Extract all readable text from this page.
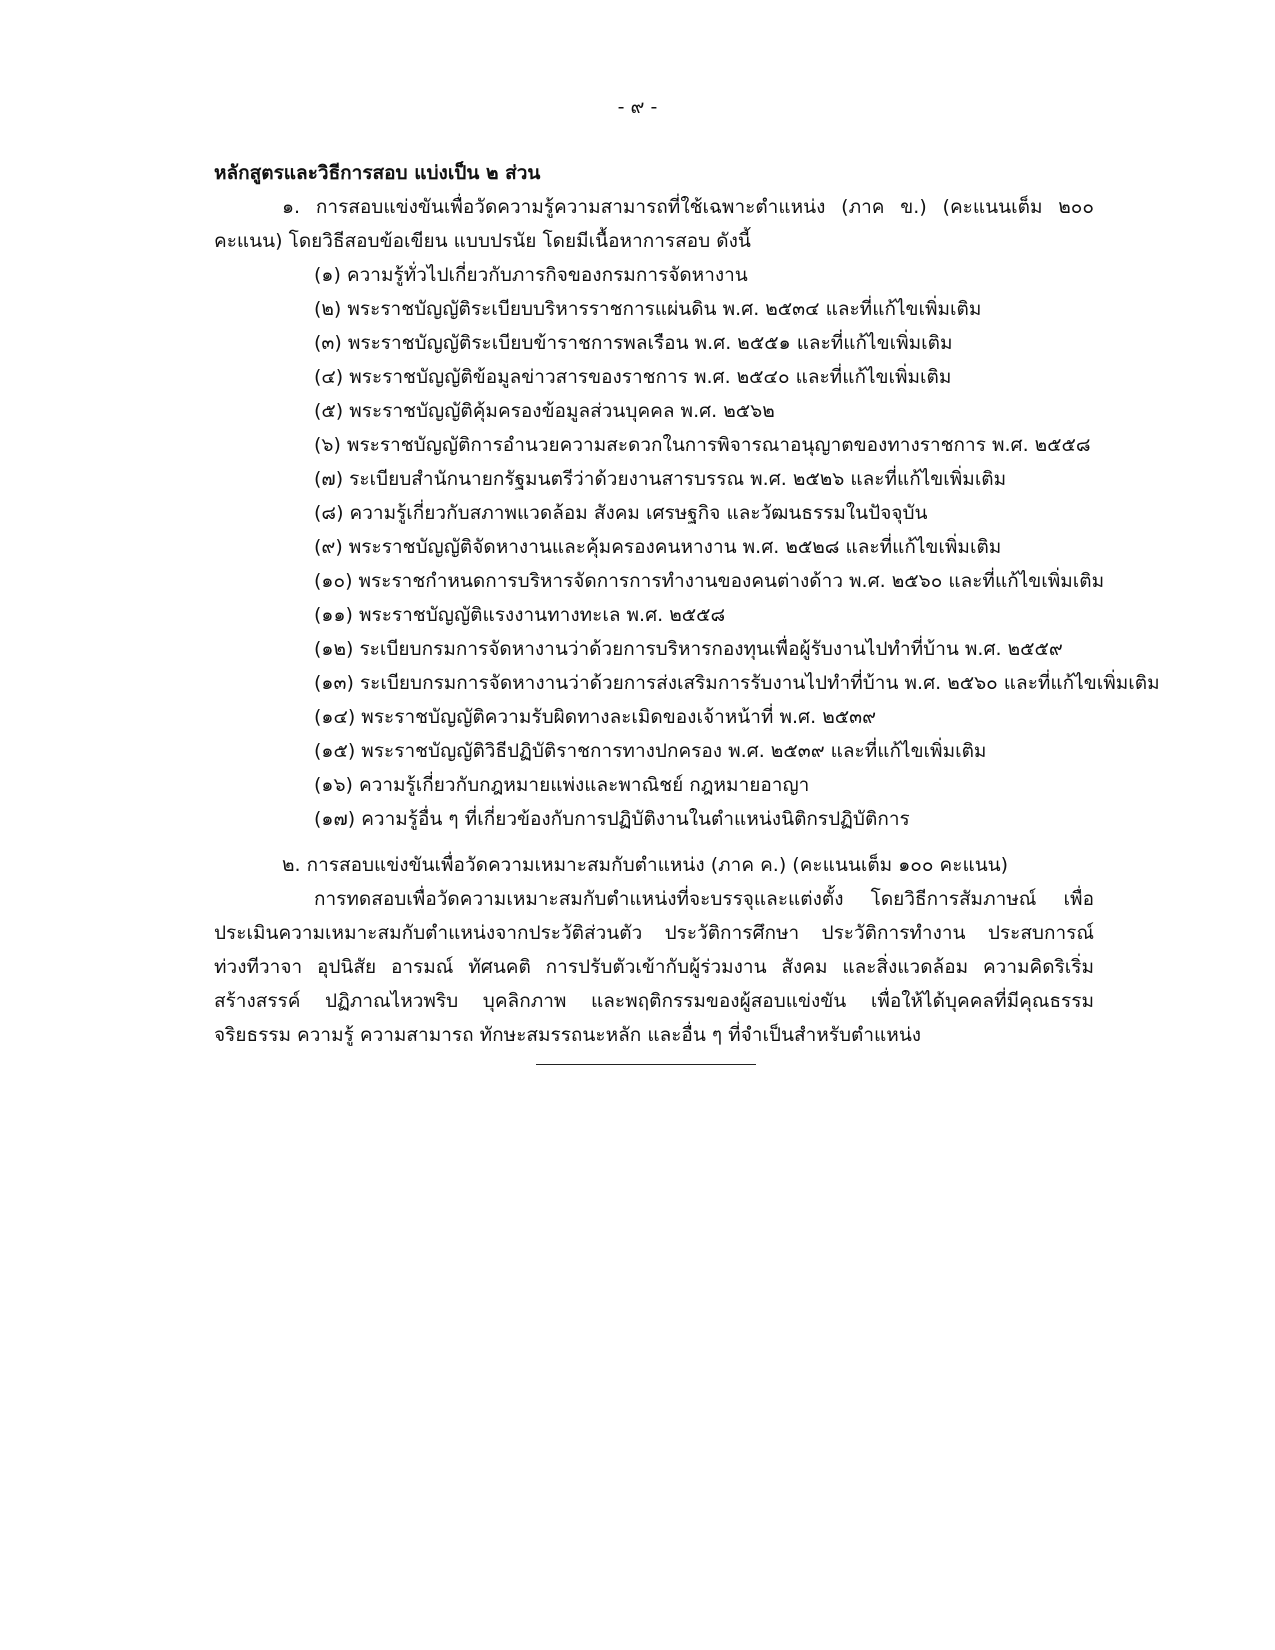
- ๙ -

หลักสูตรและวิธีการสอบ แบ่งเป็น ๒ ส่วน

๑. การสอบแข่งขันเพื่อวัดความรู้ความสามารถที่ใช้เฉพาะตำแหน่ง (ภาค ข.) (คะแนนเต็ม ๒๐๐ คะแนน) โดยวิธีสอบข้อเขียน แบบปรนัย โดยมีเนื้อหาการสอบ ดังนี้

(๑) ความรู้ทั่วไปเกี่ยวกับภารกิจของกรมการจัดหางาน
(๒) พระราชบัญญัติระเบียบบริหารราชการแผ่นดิน พ.ศ. ๒๕๓๔ และที่แก้ไขเพิ่มเติม
(๓) พระราชบัญญัติระเบียบข้าราชการพลเรือน พ.ศ. ๒๕๕๑ และที่แก้ไขเพิ่มเติม
(๔) พระราชบัญญัติข้อมูลข่าวสารของราชการ พ.ศ. ๒๕๔๐ และที่แก้ไขเพิ่มเติม
(๕) พระราชบัญญัติคุ้มครองข้อมูลส่วนบุคคล พ.ศ. ๒๕๖๒
(๖) พระราชบัญญัติการอำนวยความสะดวกในการพิจารณาอนุญาตของทางราชการ พ.ศ. ๒๕๕๘
(๗) ระเบียบสำนักนายกรัฐมนตรีว่าด้วยงานสารบรรณ พ.ศ. ๒๕๒๖ และที่แก้ไขเพิ่มเติม
(๘) ความรู้เกี่ยวกับสภาพแวดล้อม สังคม เศรษฐกิจ และวัฒนธรรมในปัจจุบัน
(๙) พระราชบัญญัติจัดหางานและคุ้มครองคนหางาน พ.ศ. ๒๕๒๘ และที่แก้ไขเพิ่มเติม
(๑๐) พระราชกำหนดการบริหารจัดการการทำงานของคนต่างด้าว พ.ศ. ๒๕๖๐ และที่แก้ไขเพิ่มเติม
(๑๑) พระราชบัญญัติแรงงานทางทะเล พ.ศ. ๒๕๕๘
(๑๒) ระเบียบกรมการจัดหางานว่าด้วยการบริหารกองทุนเพื่อผู้รับงานไปทำที่บ้าน พ.ศ. ๒๕๕๙
(๑๓) ระเบียบกรมการจัดหางานว่าด้วยการส่งเสริมการรับงานไปทำที่บ้าน พ.ศ. ๒๕๖๐ และที่แก้ไขเพิ่มเติม
(๑๔) พระราชบัญญัติความรับผิดทางละเมิดของเจ้าหน้าที่ พ.ศ. ๒๕๓๙
(๑๕) พระราชบัญญัติวิธีปฏิบัติราชการทางปกครอง พ.ศ. ๒๕๓๙ และที่แก้ไขเพิ่มเติม
(๑๖) ความรู้เกี่ยวกับกฎหมายแพ่งและพาณิชย์ กฎหมายอาญา
(๑๗) ความรู้อื่น ๆ ที่เกี่ยวข้องกับการปฏิบัติงานในตำแหน่งนิติกรปฏิบัติการ

๒. การสอบแข่งขันเพื่อวัดความเหมาะสมกับตำแหน่ง (ภาค ค.) (คะแนนเต็ม ๑๐๐ คะแนน)

การทดสอบเพื่อวัดความเหมาะสมกับตำแหน่งที่จะบรรจุและแต่งตั้ง โดยวิธีการสัมภาษณ์ เพื่อประเมินความเหมาะสมกับตำแหน่งจากประวัติส่วนตัว ประวัติการศึกษา ประวัติการทำงาน ประสบการณ์ ท่วงทีวาจา อุปนิสัย อารมณ์ ทัศนคติ การปรับตัวเข้ากับผู้ร่วมงาน สังคม และสิ่งแวดล้อม ความคิดริเริ่ม สร้างสรรค์ ปฏิภาณไหวพริบ บุคลิกภาพ และพฤติกรรมของผู้สอบแข่งขัน เพื่อให้ได้บุคคลที่มีคุณธรรม จริยธรรม ความรู้ ความสามารถ ทักษะสมรรถนะหลัก และอื่น ๆ ที่จำเป็นสำหรับตำแหน่ง
